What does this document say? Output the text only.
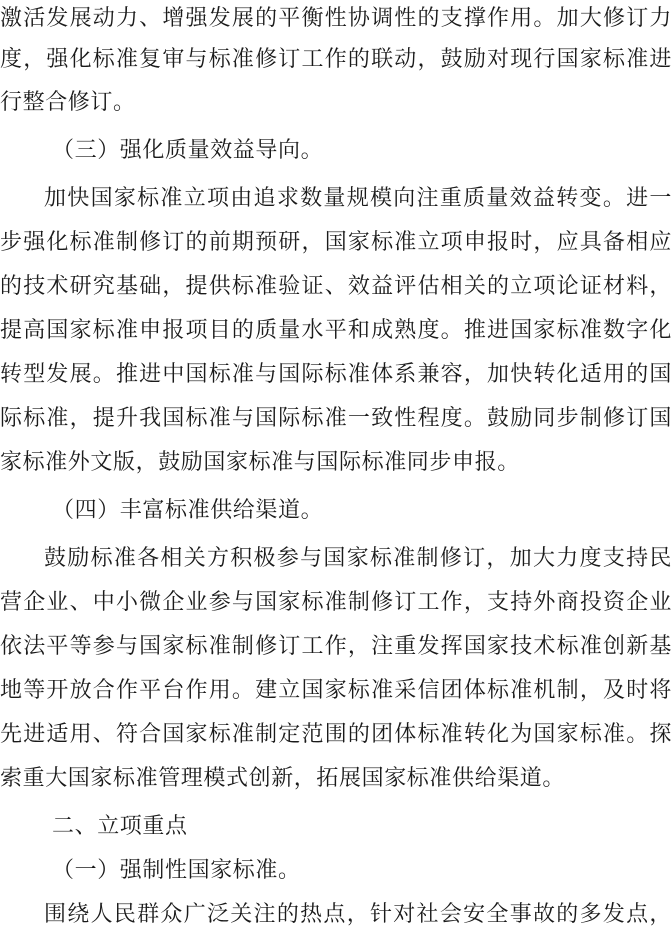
激活发展动力、增强发展的平衡性协调性的支撑作用。加大修订力
度，强化标准复审与标准修订工作的联动，鼓励对现行国家标准进
行整合修订。
（三）强化质量效益导向。
加快国家标准立项由追求数量规模向注重质量效益转变。进一
步强化标准制修订的前期预研，国家标准立项申报时，应具备相应
的技术研究基础，提供标准验证、效益评估相关的立项论证材料，
提高国家标准申报项目的质量水平和成熟度。推进国家标准数字化
转型发展。推进中国标准与国际标准体系兼容，加快转化适用的国
际标准，提升我国标准与国际标准一致性程度。鼓励同步制修订国
家标准外文版，鼓励国家标准与国际标准同步申报。
（四）丰富标准供给渠道。
鼓励标准各相关方积极参与国家标准制修订，加大力度支持民
营企业、中小微企业参与国家标准制修订工作，支持外商投资企业
依法平等参与国家标准制修订工作，注重发挥国家技术标准创新基
地等开放合作平台作用。建立国家标准采信团体标准机制，及时将
先进适用、符合国家标准制定范围的团体标准转化为国家标准。探
索重大国家标准管理模式创新，拓展国家标准供给渠道。
二、立项重点
（一）强制性国家标准。
围绕人民群众广泛关注的热点，针对社会安全事故的多发点，
